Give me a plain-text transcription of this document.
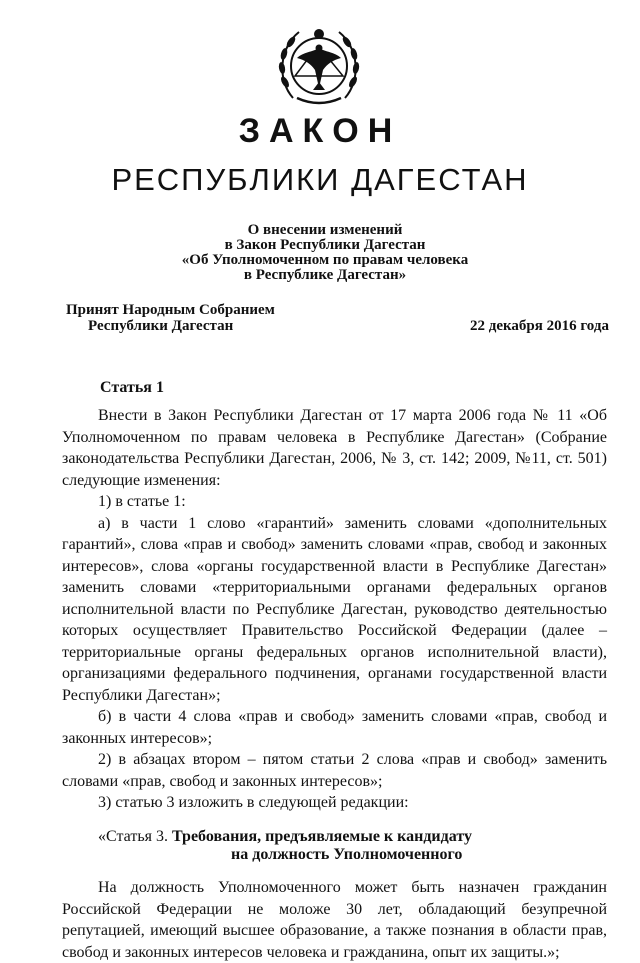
ЗАКОН
РЕСПУБЛИКИ ДАГЕСТАН
О внесении изменений
в Закон Республики Дагестан
«Об Уполномоченном по правам человека
в Республике Дагестан»
Принят Народным Собранием
Республики Дагестан	22 декабря 2016 года
Статья 1

Внести в Закон Республики Дагестан от 17 марта 2006 года № 11 «Об Уполномоченном по правам человека в Республике Дагестан» (Собрание законодательства Республики Дагестан, 2006, № 3, ст. 142; 2009, №11, ст. 501) следующие изменения:

1) в статье 1:

а) в части 1 слово «гарантий» заменить словами «дополнительных гарантий», слова «прав и свобод» заменить словами «прав, свобод и законных интересов», слова «органы государственной власти в Республике Дагестан» заменить словами «территориальными органами федеральных органов исполнительной власти по Республике Дагестан, руководство деятельностью которых осуществляет Правительство Российской Федерации (далее – территориальные органы федеральных органов исполнительной власти), организациями федерального подчинения, органами государственной власти Республики Дагестан»;

б) в части 4 слова «прав и свобод» заменить словами «прав, свобод и законных интересов»;

2) в абзацах втором – пятом статьи 2 слова «прав и свобод» заменить словами «прав, свобод и законных интересов»;

3) статью 3 изложить в следующей редакции:

«Статья 3. Требования, предъявляемые к кандидату

на должность Уполномоченного

На должность Уполномоченного может быть назначен гражданин Российской Федерации не моложе 30 лет, обладающий безупречной репутацией, имеющий высшее образование, а также познания в области прав, свобод и законных интересов человека и гражданина, опыт их защиты.»;
